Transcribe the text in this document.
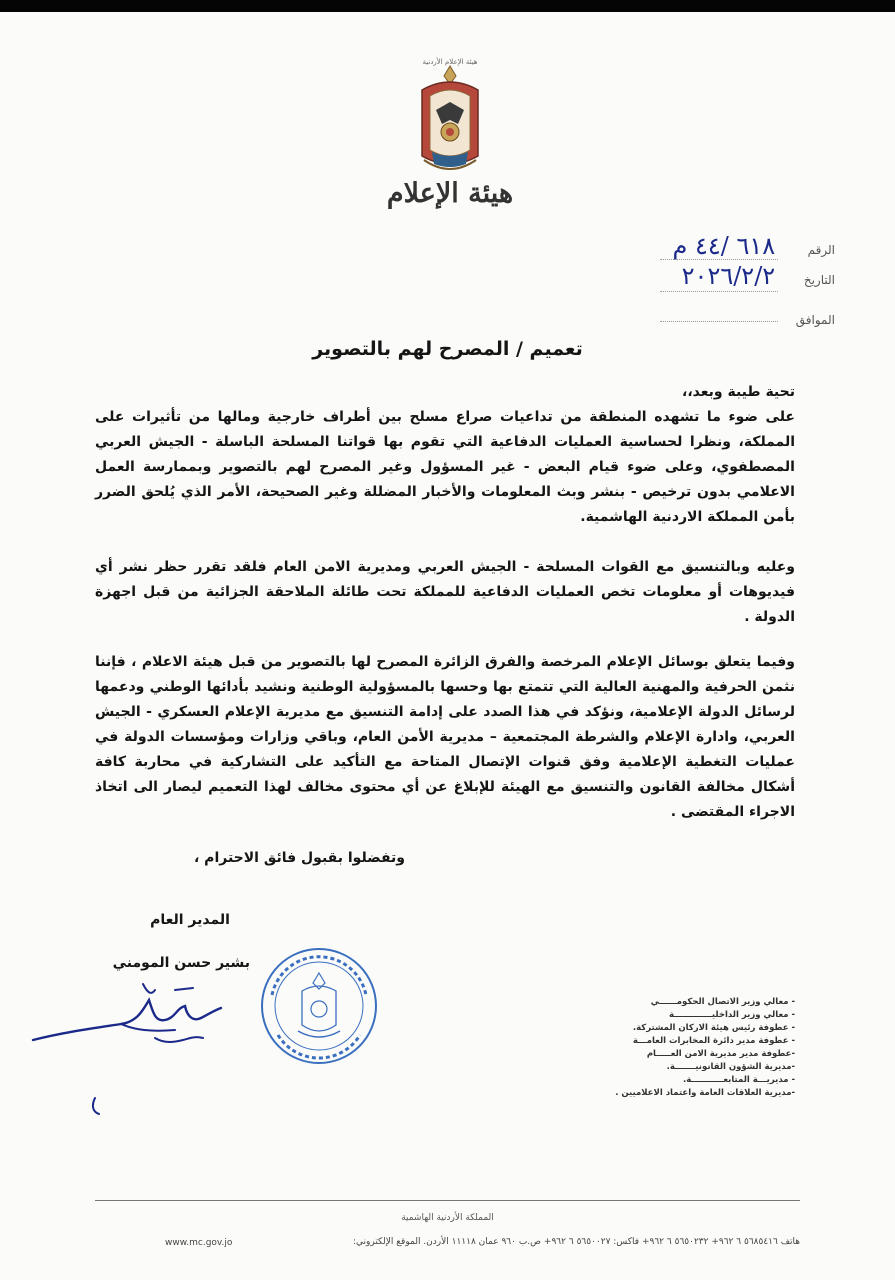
هيئة الإعلام الأردنية
هيئة الإعلام
الرقم ٦١٨ /٤٤ م
التاريخ ٢٠٢٦/٢/٢
الموافق
تعميم / المصرح لهم بالتصوير
تحية طيبة وبعد،،
على ضوء ما تشهده المنطقة من تداعيات صراع مسلح بين أطراف خارجية ومالها من تأثيرات على المملكة، ونظرا لحساسية العمليات الدفاعية التي تقوم بها قواتنا المسلحة الباسلة - الجيش العربي المصطفوي، وعلى ضوء قيام البعض - غير المسؤول وغير المصرح لهم بالتصوير وبممارسة العمل الاعلامي بدون ترخيص - بنشر وبث المعلومات والأخبار المضللة وغير الصحيحة، الأمر الذي يُلحق الضرر بأمن المملكة الاردنية الهاشمية.
وعليه وبالتنسيق مع القوات المسلحة - الجيش العربي ومديرية الامن العام فلقد تقرر حظر نشر أي فيديوهات أو معلومات تخص العمليات الدفاعية للمملكة تحت طائلة الملاحقة الجزائية من قبل اجهزة الدولة .
وفيما يتعلق بوسائل الإعلام المرخصة والفرق الزائرة المصرح لها بالتصوير من قبل هيئة الاعلام ، فإننا نثمن الحرفية والمهنية العالية التي تتمتع بها وحسها بالمسؤولية الوطنية ونشيد بأدائها الوطني ودعمها لرسائل الدولة الإعلامية، ونؤكد في هذا الصدد على إدامة التنسيق مع مديرية الإعلام العسكري - الجيش العربي، وادارة الإعلام والشرطة المجتمعية – مديرية الأمن العام، وباقي وزارات ومؤسسات الدولة في عمليات التغطية الإعلامية وفق قنوات الإتصال المتاحة مع التأكيد على التشاركية في محاربة كافة أشكال مخالفة القانون والتنسيق مع الهيئة للإبلاغ عن أي محتوى مخالف لهذا التعميم ليصار الى اتخاذ الاجراء المقتضى .
وتفضلوا بقبول فائق الاحترام ،
المدير العام
بشير حسن المومني
- معالي وزير الاتصال الحكومــــــي
- معالي وزير الداخليـــــــــــــة
- عطوفة رئيس هيئة الاركان المشتركة.
- عطوفة مدير دائرة المخابرات العامـــة
-عطوفة مدير مديرية الامن العـــــام
-مديرية الشؤون القانونيـــــــة.
- مديريـــة المتابعـــــــــــة.
-مديرية العلاقات العامة واعتماد الاعلاميين .
المملكة الأردنية الهاشمية
هاتف ٥٦٨٥٤١٦ ٦ ٩٦٢+ ٥٦٥٠٢٣٢ ٦ ٩٦٢+ فاكس: ٥٦٥٠٠٢٧ ٦ ٩٦٢+ ص.ب ٩٦٠ عمان ١١١١٨ الأردن. الموقع الإلكتروني:
www.mc.gov.jo
